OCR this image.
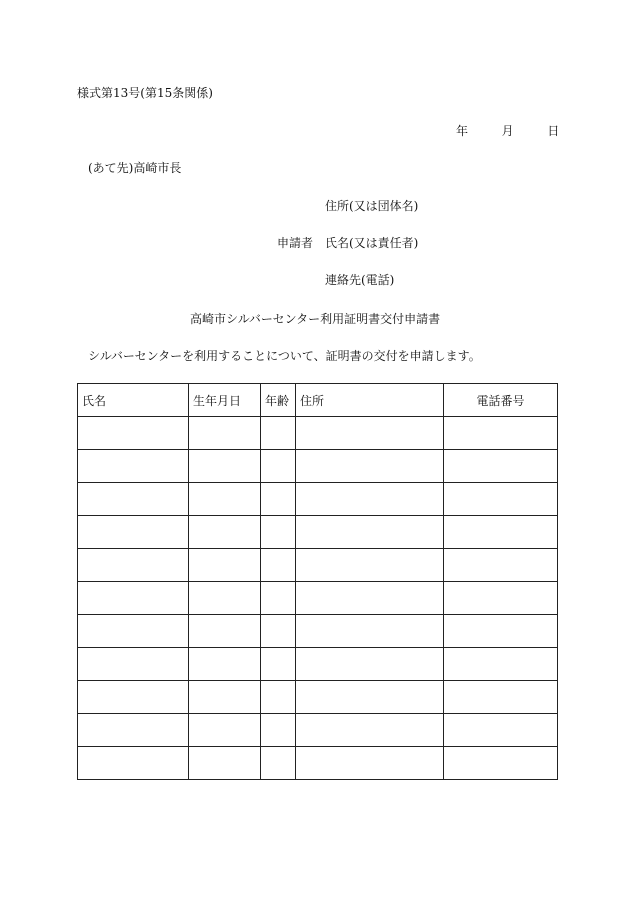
様式第13号(第15条関係)
年	月	日
(あて先)高崎市長
住所(又は団体名)
申請者 氏名(又は責任者)
連絡先(電話)
高崎市シルバーセンター利用証明書交付申請書
シルバーセンターを利用することについて、証明書の交付を申請します。
氏名	生年月日	年齢	住所	電話番号
